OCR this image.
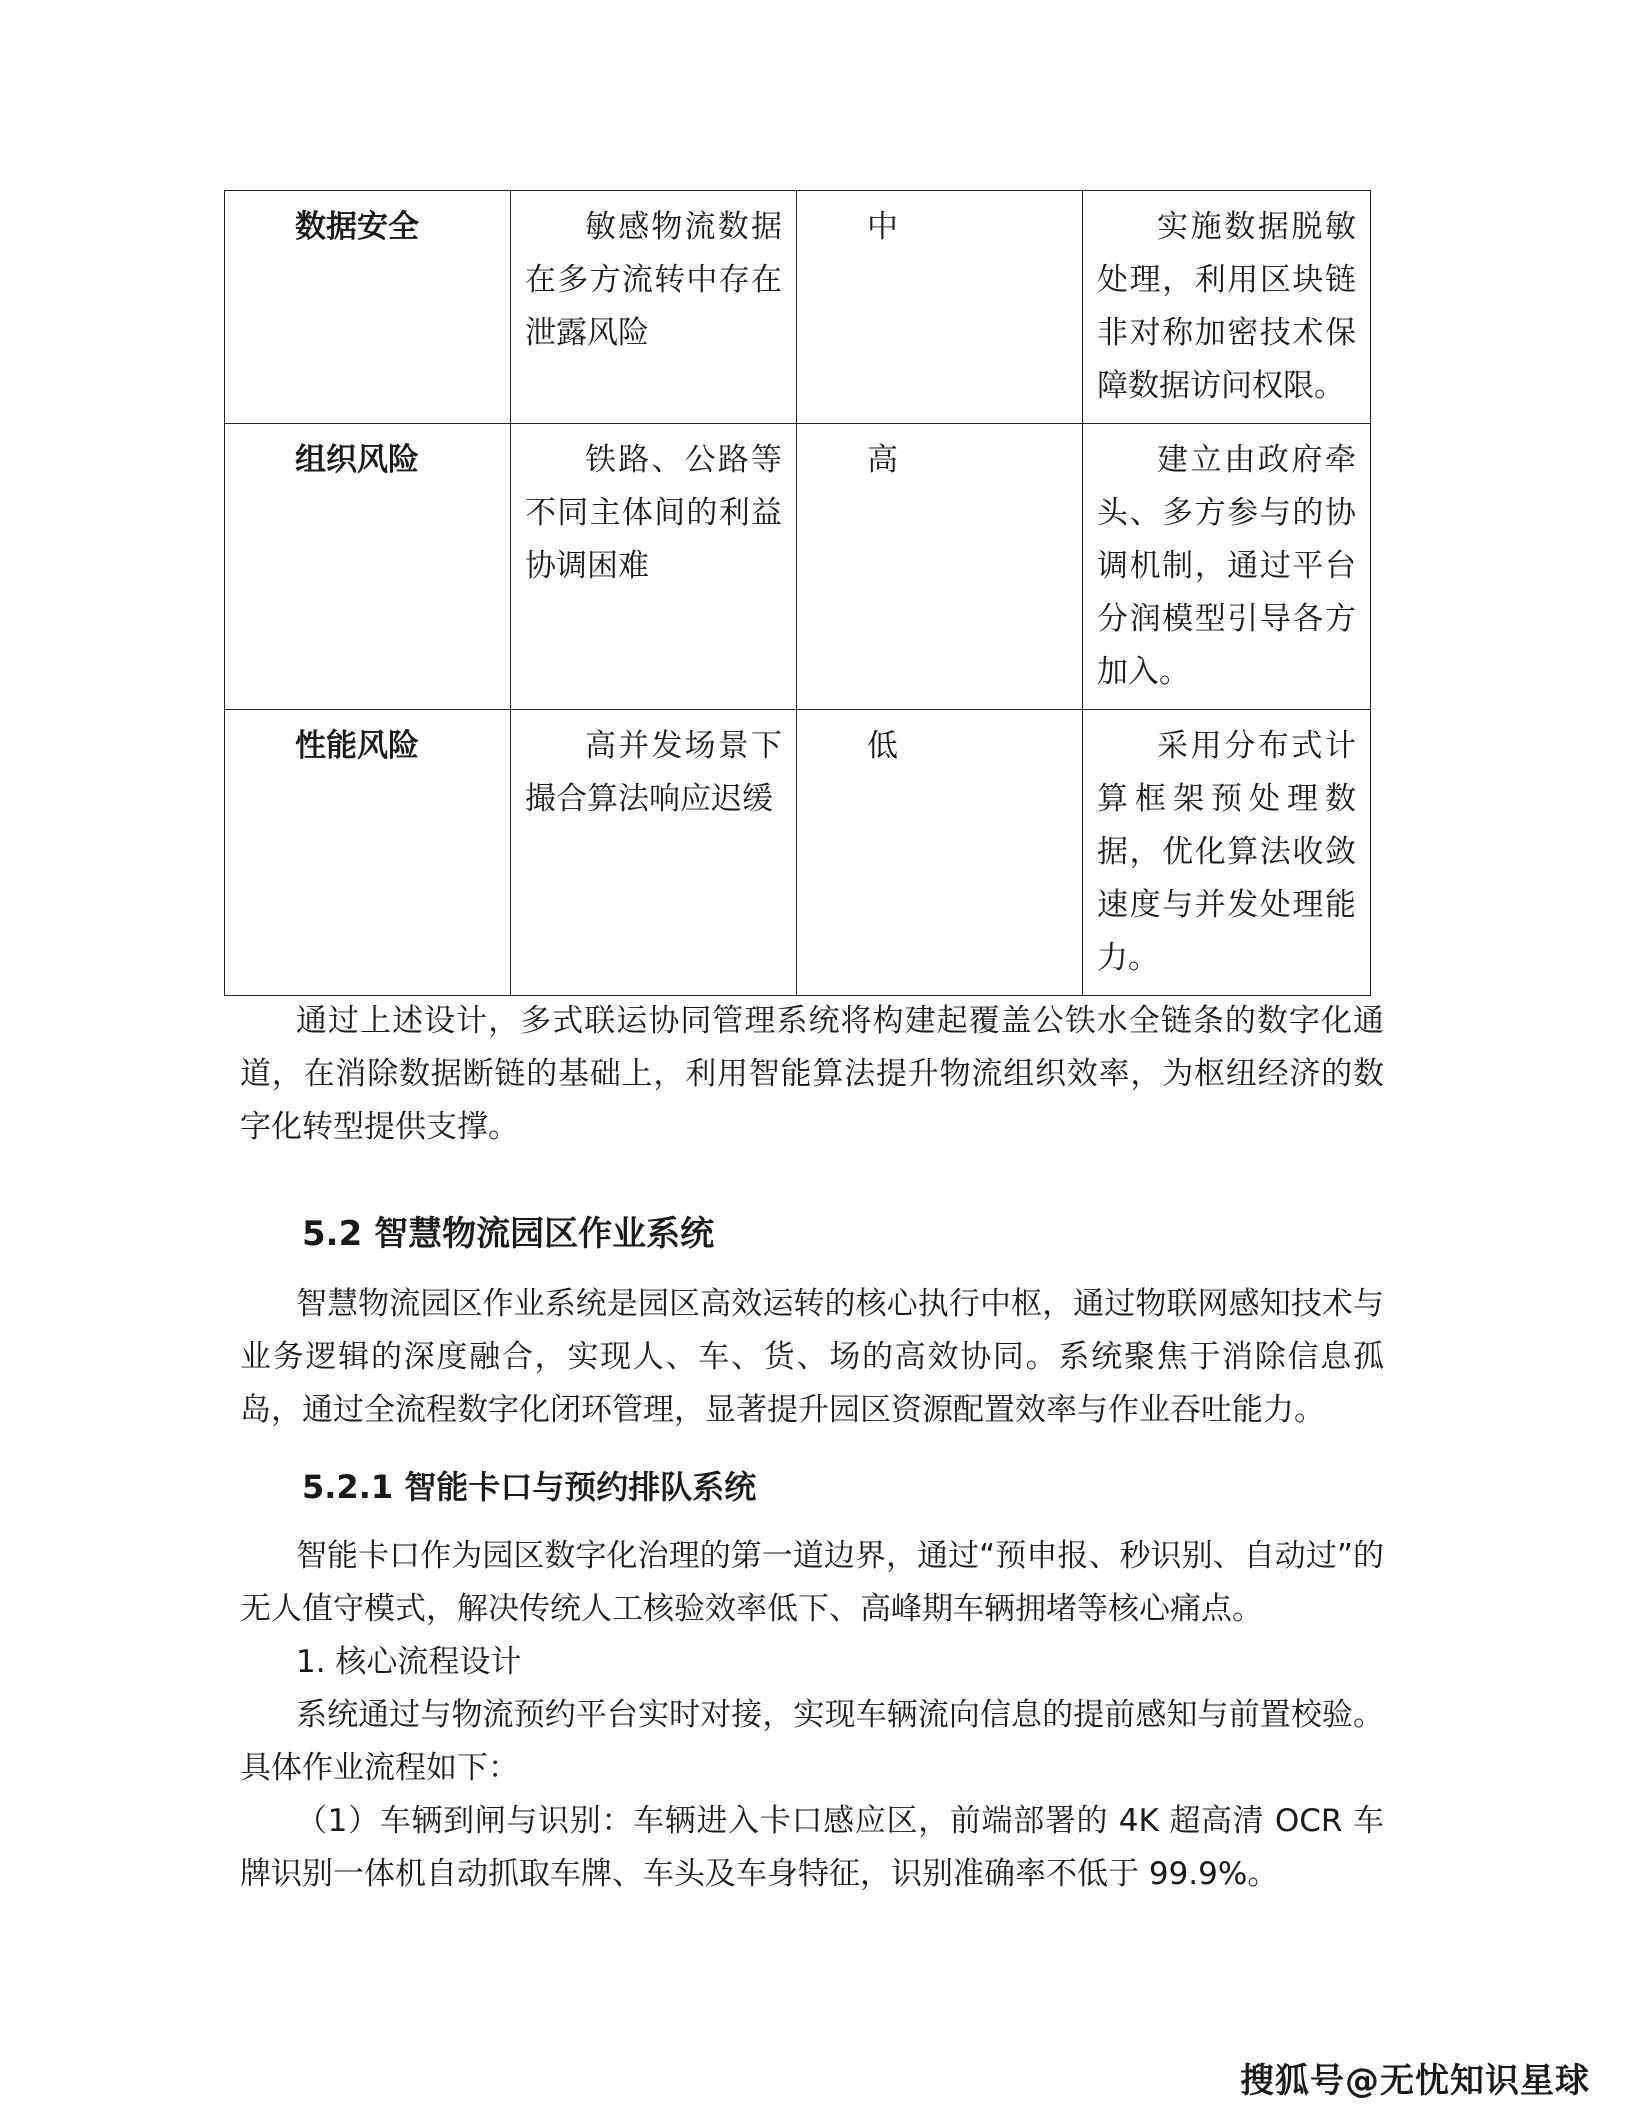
数据安全	敏感物流数据在多方流转中存在泄露风险	中	实施数据脱敏处理，利用区块链非对称加密技术保障数据访问权限。
组织风险	铁路、公路等不同主体间的利益协调困难	高	建立由政府牵头、多方参与的协调机制，通过平台分润模型引导各方加入。
性能风险	高并发场景下撮合算法响应迟缓	低	采用分布式计算框架预处理数据，优化算法收敛速度与并发处理能力。

通过上述设计，多式联运协同管理系统将构建起覆盖公铁水全链条的数字化通道，在消除数据断链的基础上，利用智能算法提升物流组织效率，为枢纽经济的数字化转型提供支撑。

5.2 智慧物流园区作业系统

智慧物流园区作业系统是园区高效运转的核心执行中枢，通过物联网感知技术与业务逻辑的深度融合，实现人、车、货、场的高效协同。系统聚焦于消除信息孤岛，通过全流程数字化闭环管理，显著提升园区资源配置效率与作业吞吐能力。

5.2.1 智能卡口与预约排队系统

智能卡口作为园区数字化治理的第一道边界，通过“预申报、秒识别、自动过”的无人值守模式，解决传统人工核验效率低下、高峰期车辆拥堵等核心痛点。

1. 核心流程设计

系统通过与物流预约平台实时对接，实现车辆流向信息的提前感知与前置校验。具体作业流程如下：

（1）车辆到闸与识别：车辆进入卡口感应区，前端部署的 4K 超高清 OCR 车牌识别一体机自动抓取车牌、车头及车身特征，识别准确率不低于 99.9%。

搜狐号@无忧知识星球
